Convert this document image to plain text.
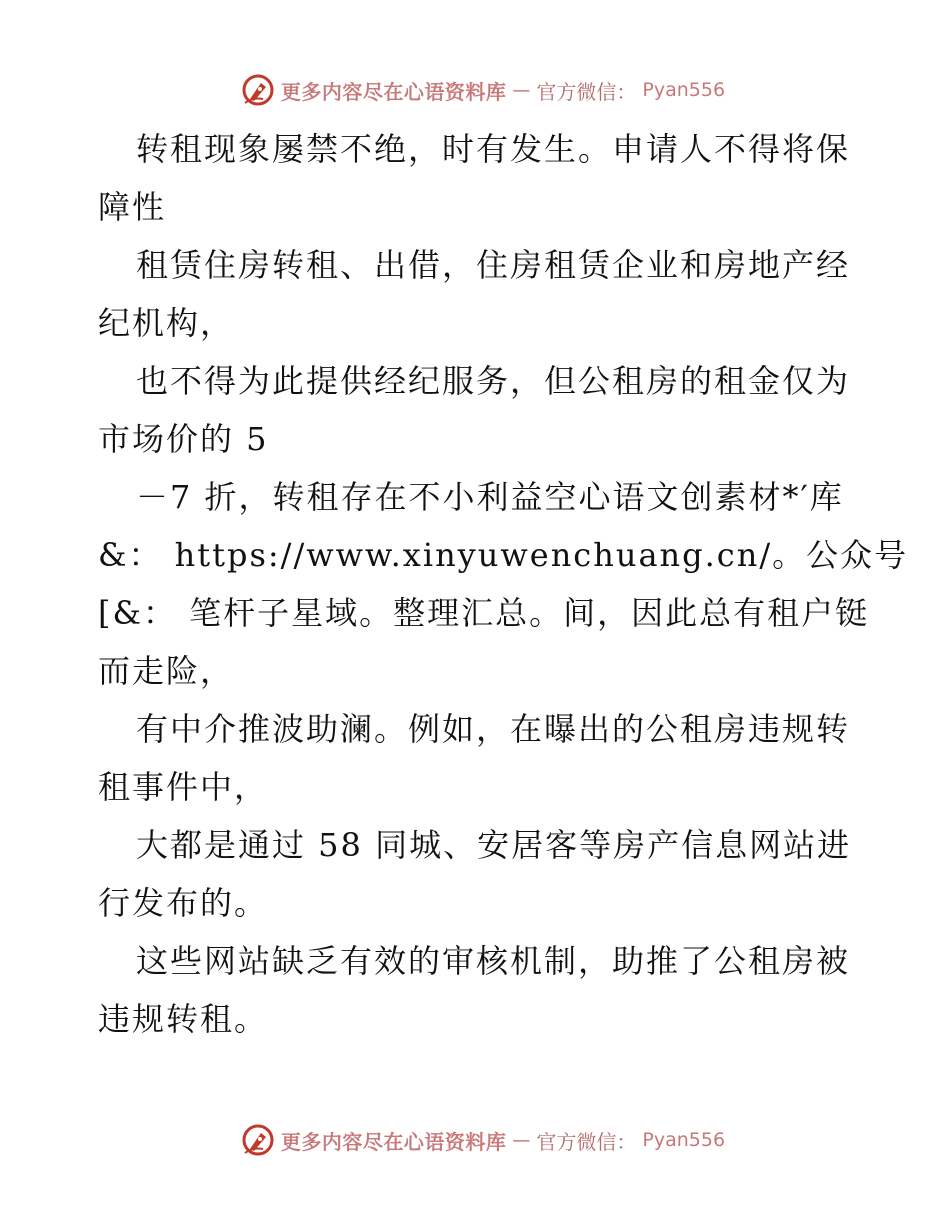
更多内容尽在心语资料库 — 官方微信： Pyan556
转租现象屡禁不绝，时有发生。申请人不得将保
障性
租赁住房转租、出借，住房租赁企业和房地产经
纪机构，
也不得为此提供经纪服务，但公租房的租金仅为
市场价的 5
－7 折，转租存在不小利益空心语文创素材*′库
&： https://www.xinyuwenchuang.cn/。公众号
[&： 笔杆子星域。整理汇总。间，因此总有租户铤
而走险，
有中介推波助澜。例如，在曝出的公租房违规转
租事件中，
大都是通过 58 同城、安居客等房产信息网站进
行发布的。
这些网站缺乏有效的审核机制，助推了公租房被
违规转租。
更多内容尽在心语资料库 — 官方微信： Pyan556
